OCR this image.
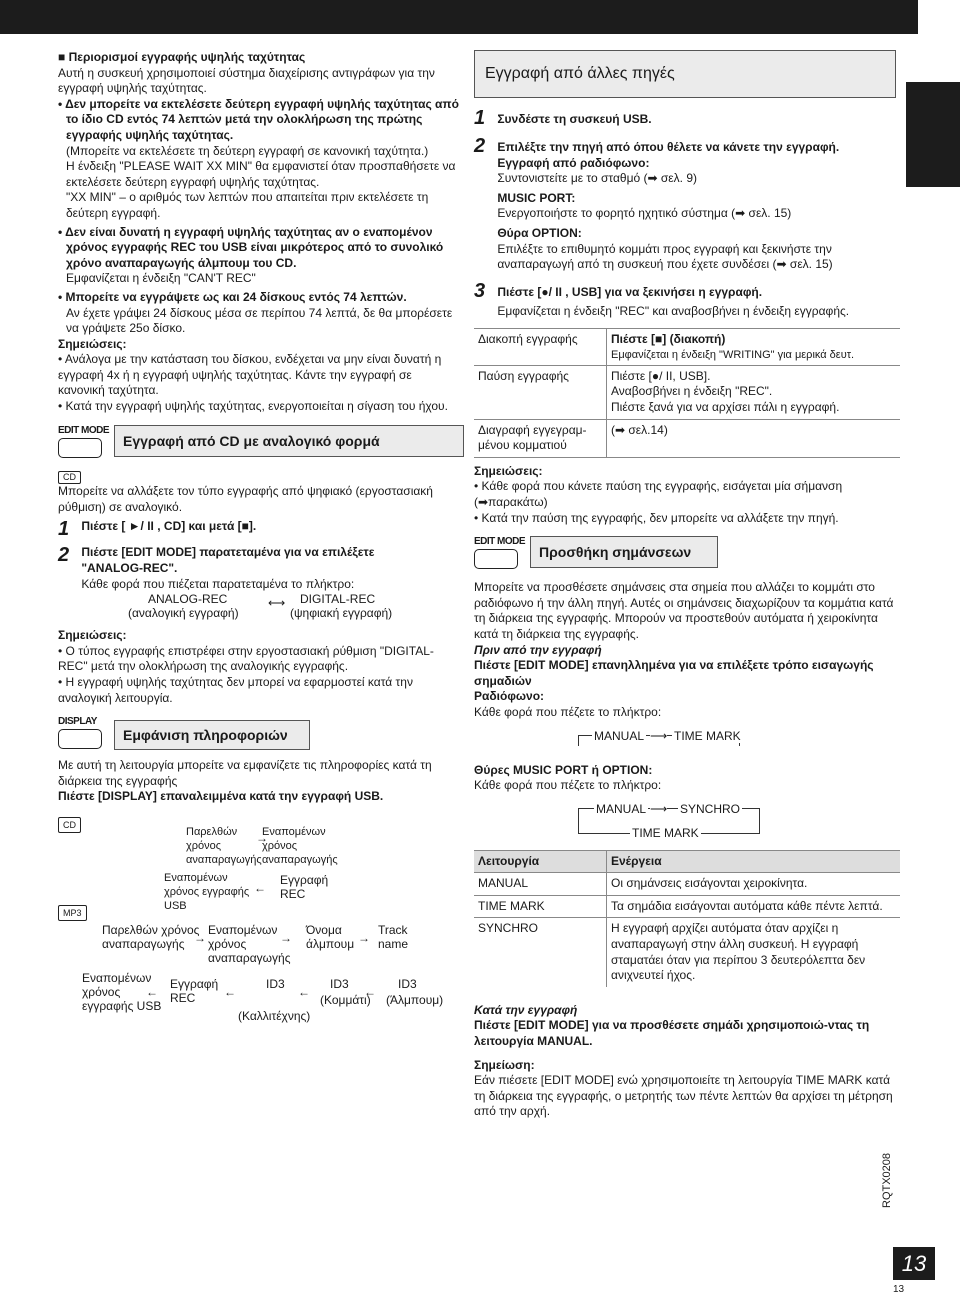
■ Περιορισμοί εγγραφής υψηλής ταχύτητας

Αυτή η συσκευή χρησιμοποιεί σύστημα διαχείρισης αντιγράφων για την εγγραφή υψηλής ταχύτητας.

• Δεν μπορείτε να εκτελέσετε δεύτερη εγγραφή υψηλής ταχύτητας από το ίδιο CD εντός 74 λεπτών μετά την ολοκλήρωση της πρώτης εγγραφής υψηλής ταχύτητας.

(Μπορείτε να εκτελέσετε τη δεύτερη εγγραφή σε κανονική ταχύτητα.)

Η ένδειξη "PLEASE WAIT XX MIN" θα εμφανιστεί όταν προσπαθήσετε να εκτελέσετε δεύτερη εγγραφή υψηλής ταχύτητας.

"XX MIN" – ο αριθμός των λεπτών που απαιτείται πριν εκτελέσετε τη δεύτερη εγγραφή.

• Δεν είναι δυνατή η εγγραφή υψηλής ταχύτητας αν ο εναπομένον χρόνος εγγραφής REC του USB είναι μικρότερος από το συνολικό χρόνο αναπαραγωγής άλμπουμ του CD.

Εμφανίζεται η ένδειξη "CAN'T REC"

• Μπορείτε να εγγράψετε ως και 24 δίσκους εντός 74 λεπτών.

Αν έχετε γράψει 24 δίσκους μέσα σε περίπου 74 λεπτά, δε θα μπορέσετε να γράψετε 25ο δίσκο.

Σημειώσεις:

• Ανάλογα με την κατάσταση του δίσκου, ενδέχεται να μην είναι δυνατή η εγγραφή 4x ή η εγγραφή υψηλής ταχύτητας. Κάντε την εγγραφή σε κανονική ταχύτητα.

• Κατά την εγγραφή υψηλής ταχύτητας, ενεργοποιείται η σίγαση του ήχου.

EDIT MODE
Εγγραφή από CD με αναλογικό φορμά
CD

Μπορείτε να αλλάξετε τον τύπο εγγραφής από ψηφιακό (εργοστασιακή ρύθμιση) σε αναλογικό.

1 Πιέστε [ ►/ II , CD] και μετά [■].
2 Πιέστε [EDIT MODE] παρατεταμένα για να επιλέξετε
"ANALOG-REC".
Κάθε φορά που πιέζεται παρατεταμένα το πλήκτρο:
ANALOG-REC
(αναλογική εγγραφή)
⟷ DIGITAL-REC
(ψηφιακή εγγραφή)

Σημειώσεις:

• Ο τύπος εγγραφής επιστρέφει στην εργοστασιακή ρύθμιση "DIGITAL-REC" μετά την ολοκλήρωση της αναλογικής εγγραφής.

• Η εγγραφή υψηλής ταχύτητας δεν μπορεί να εφαρμοστεί κατά την αναλογική λειτουργία.

DISPLAY
Εμφάνιση πληροφοριών

Με αυτή τη λειτουργία μπορείτε να εμφανίζετε τις πληροφορίες κατά τη διάρκεια της εγγραφής

Πιέστε [DISPLAY] επαναλειμμένα κατά την εγγραφή USB.

CD
Παρελθών χρόνος αναπαραγωγής
→
Εναπομένων χρόνος αναπαραγωγής
Εναπομένων χρόνος εγγραφής USB
←
Εγγραφή REC
MP3
Παρελθών χρόνος αναπαραγωγής →
Εναπομένων χρόνος αναπαραγωγής
→
Όνομα άλμπουμ →
Track name
Εναπομένων χρόνος εγγραφής USB
←
Εγγραφή REC	←
ID3
(Καλλιτέχνης)
←
ID3
(Κομμάτι)
←
ID3
(Άλμπουμ)
Εγγραφή από άλλες πηγές
1 Συνδέστε τη συσκευή USB.
2 Επιλέξτε την πηγή από όπου θέλετε να κάνετε την εγγραφή.
Εγγραφή από ραδιόφωνο:
Συντονιστείτε με το σταθμό (➡ σελ. 9)
MUSIC PORT:
Ενεργοποιήστε το φορητό ηχητικό σύστημα (➡ σελ. 15)
Θύρα OPTION:
Επιλέξτε το επιθυμητό κομμάτι προς εγγραφή και ξεκινήστε την αναπαραγωγή από τη συσκευή που έχετε συνδέσει (➡ σελ. 15)
3 Πιέστε [●/ II , USB] για να ξεκινήσει η εγγραφή.
Εμφανίζεται η ένδειξη "REC" και αναβοσβήνει η ένδειξη εγγραφής.
Διακοπή εγγραφής	Πιέστε [■] (διακοπή)
Εμφανίζεται η ένδειξη "WRITING" για μερικά δευτ.

Παύση εγγραφής	Πιέστε [●/ II, USB].
Αναβοσβήνει η ένδειξη "REC".
Πιέστε ξανά για να αρχίσει πάλι η εγγραφή.

Διαγραφή εγγεγραμ-μένου κομματιού	(➡ σελ.14)

Σημειώσεις:

• Κάθε φορά που κάνετε παύση της εγγραφής, εισάγεται μία σήμανση (➡παρακάτω)

• Κατά την παύση της εγγραφής, δεν μπορείτε να αλλάξετε την πηγή.

EDIT MODE
Προσθήκη σημάνσεων

Μπορείτε να προσθέσετε σημάνσεις στα σημεία που αλλάζει το κομμάτι στο ραδιόφωνο ή την άλλη πηγή. Αυτές οι σημάνσεις διαχωρίζουν τα κομμάτια κατά τη διάρκεια της εγγραφής. Μπορούν να προστεθούν αυτόματα ή χειροκίνητα κατά τη διάρκεια της εγγραφής.

Πριν από την εγγραφή

Πιέστε [EDIT MODE] επανηλλημένα για να επιλέξετε τρόπο εισαγωγής σημαδιών

Ραδιόφωνο:

Κάθε φορά που πέζετε το πλήκτρο:

MANUAL ⟶ TIME MARK

Θύρες MUSIC PORT ή OPTION:

Κάθε φορά που πέζετε το πλήκτρο:

MANUAL ⟶ SYNCHRO
TIME MARK
Λειτουργία	Ενέργεια
MANUAL	Οι σημάνσεις εισάγονται χειροκίνητα.
TIME MARK	Τα σημάδια εισάγονται αυτόματα κάθε πέντε λεπτά.
SYNCHRO	Η εγγραφή αρχίζει αυτόματα όταν αρχίζει η αναπαραγωγή στην άλλη συσκευή. Η εγγραφή σταματάει όταν για περίπου 3 δευτερόλεπτα δεν ανιχνευτεί ήχος.

Κατά την εγγραφή

Πιέστε [EDIT MODE] για να προσθέσετε σημάδι χρησιμοποιώ-ντας τη λειτουργία MANUAL.

Σημείωση:

Εάν πιέσετε [EDIT MODE] ενώ χρησιμοποιείτε τη λειτουργία TIME MARK κατά τη διάρκεια της εγγραφής, ο μετρητής των πέντε λεπτών θα αρχίσει τη μέτρηση από την αρχή.

RQTX0208
13
13
